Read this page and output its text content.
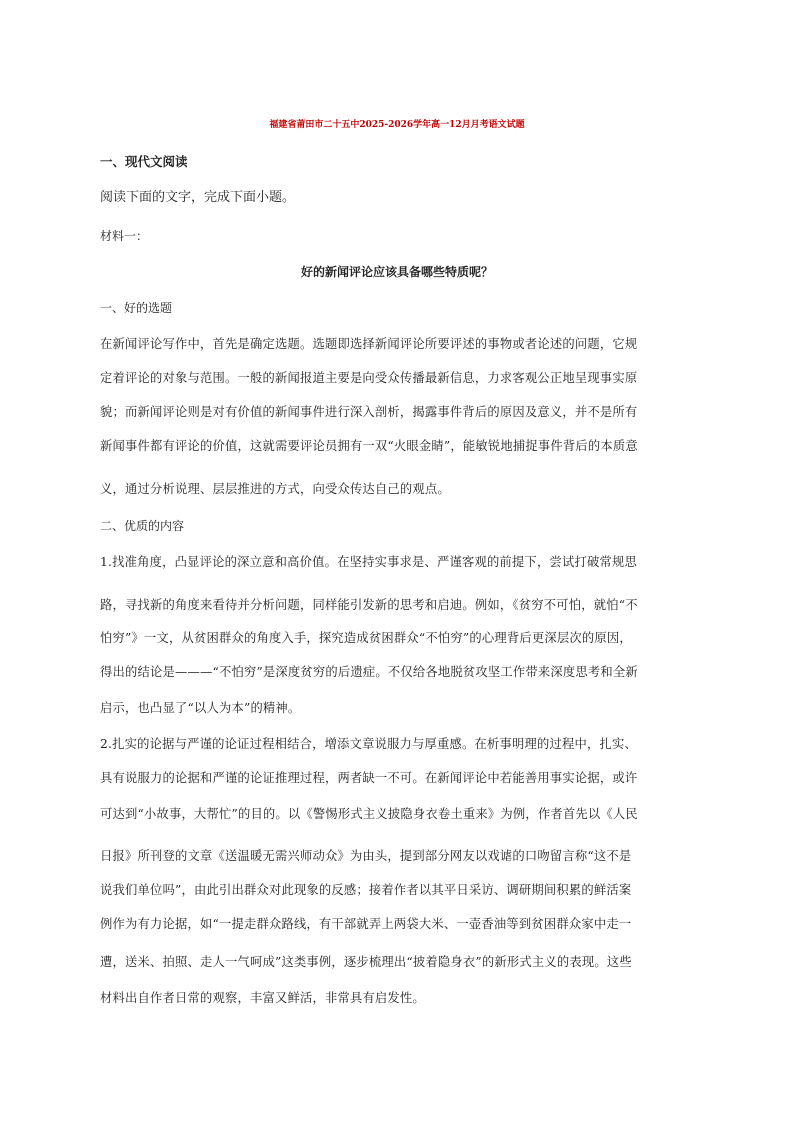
福建省莆田市二十五中2025-2026学年高一12月月考语文试题
一、现代文阅读
阅读下面的文字，完成下面小题。
材料一：
好的新闻评论应该具备哪些特质呢？
一、好的选题
在新闻评论写作中，首先是确定选题。选题即选择新闻评论所要评述的事物或者论述的问题，它规
定着评论的对象与范围。一般的新闻报道主要是向受众传播最新信息，力求客观公正地呈现事实原
貌；而新闻评论则是对有价值的新闻事件进行深入剖析，揭露事件背后的原因及意义，并不是所有
新闻事件都有评论的价值，这就需要评论员拥有一双“火眼金睛”，能敏锐地捕捉事件背后的本质意
义，通过分析说理、层层推进的方式，向受众传达自己的观点。
二、优质的内容
1.找准角度，凸显评论的深立意和高价值。在坚持实事求是、严谨客观的前提下，尝试打破常规思
路，寻找新的角度来看待并分析问题，同样能引发新的思考和启迪。例如，《贫穷不可怕，就怕“不
怕穷”》一文，从贫困群众的角度入手，探究造成贫困群众“不怕穷”的心理背后更深层次的原因，
得出的结论是———“不怕穷”是深度贫穷的后遗症。不仅给各地脱贫攻坚工作带来深度思考和全新
启示，也凸显了“以人为本”的精神。
2.扎实的论据与严谨的论证过程相结合，增添文章说服力与厚重感。在析事明理的过程中，扎实、
具有说服力的论据和严谨的论证推理过程，两者缺一不可。在新闻评论中若能善用事实论据，或许
可达到“小故事，大帮忙”的目的。以《警惕形式主义披隐身衣卷土重来》为例，作者首先以《人民
日报》所刊登的文章《送温暖无需兴师动众》为由头，提到部分网友以戏谑的口吻留言称“这不是
说我们单位吗”，由此引出群众对此现象的反感；接着作者以其平日采访、调研期间积累的鲜活案
例作为有力论据，如“一提走群众路线，有干部就弄上两袋大米、一壶香油等到贫困群众家中走一
遭，送米、拍照、走人一气呵成”这类事例，逐步梳理出“披着隐身衣”的新形式主义的表现。这些
材料出自作者日常的观察，丰富又鲜活，非常具有启发性。
